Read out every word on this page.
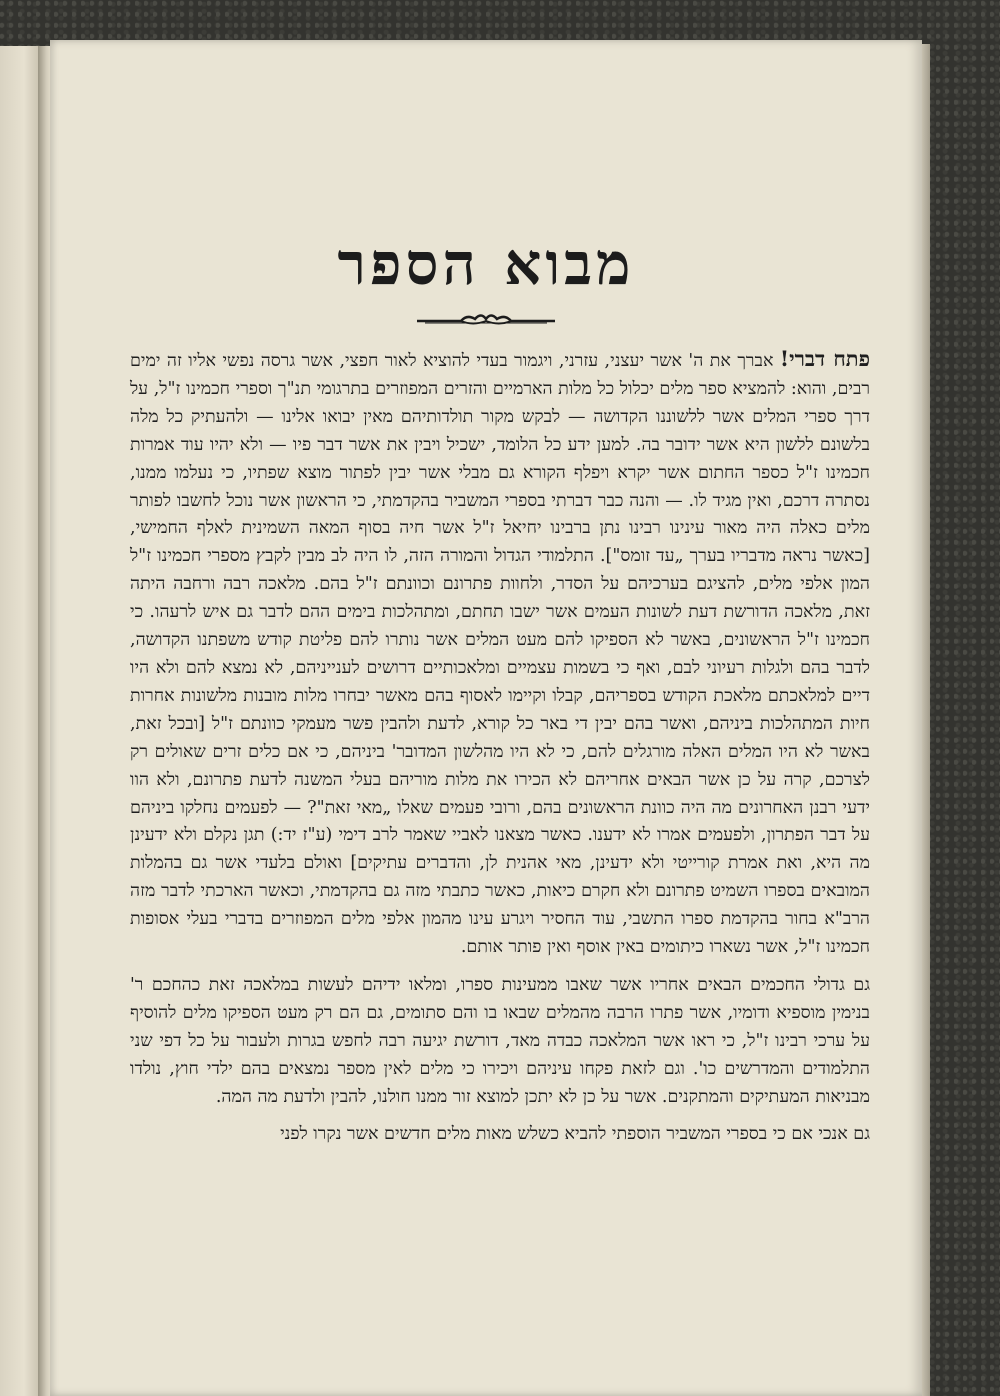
מבוא הספר

פתח דברי! אברך את ה' אשר יעצני, עזרני, ויגמור בעדי להוציא לאור חפצי, אשר גרסה נפשי אליו זה ימים רבים, והוא: להמציא ספר מלים יכלול כל מלות הארמיים והזרים המפוזרים בתרגומי תנ"ך וספרי חכמינו ז"ל, על דרך ספרי המלים אשר ללשוננו הקדושה — לבקש מקור תולדותיהם מאין יבואו אלינו — ולהעתיק כל מלה בלשונם ללשון היא אשר ידובר בה. למען ידע כל הלומד, ישכיל ויבין את אשר דבר פיו — ולא יהיו עוד אמרות חכמינו ז"ל כספר החתום אשר יקרא ויפלף הקורא גם מבלי אשר יבין לפתור מוצא שפתיו, כי נעלמו ממנו, נסתרה דרכם, ואין מגיד לו. — והנה כבר דברתי בספרי המשביר בהקדמתי, כי הראשון אשר נוכל לחשבו לפותר מלים כאלה היה מאור עינינו רבינו נתן ברבינו יחיאל ז"ל אשר חיה בסוף המאה השמינית לאלף החמישי, [כאשר נראה מדבריו בערך „עד זומס"]. התלמודי הגדול והמורה הזה, לו היה לב מבין לקבץ מספרי חכמינו ז"ל המון אלפי מלים, להציגם בערכיהם על הסדר, ולחוות פתרונם וכוונתם ז"ל בהם. מלאכה רבה ורחבה היתה זאת, מלאכה הדורשת דעת לשונות העמים אשר ישבו תחתם, ומתהלכות בימים ההם לדבר גם איש לרעהו. כי חכמינו ז"ל הראשונים, באשר לא הספיקו להם מעט המלים אשר נותרו להם פליטת קודש משפתנו הקדושה, לדבר בהם ולגלות רעיוני לבם, ואף כי בשמות עצמיים ומלאכותיים דרושים לענייניהם, לא נמצא להם ולא היו דיים למלאכתם מלאכת הקודש בספריהם, קבלו וקיימו לאסוף בהם מאשר יבחרו מלות מובנות מלשונות אחרות חיות המתהלכות ביניהם, ואשר בהם יבין די באר כל קורא, לדעת ולהבין פשר מעמקי כוונתם ז"ל [ובכל זאת, באשר לא היו המלים האלה מורגלים להם, כי לא היו מהלשון המדובר' ביניהם, כי אם כלים זרים שאולים רק לצרכם, קרה על כן אשר הבאים אחריהם לא הכירו את מלות מוריהם בעלי המשנה לדעת פתרונם, ולא הוו ידעי רבנן האחרונים מה היה כוונת הראשונים בהם, ורובי פעמים שאלו „מאי זאת"? — לפעמים נחלקו ביניהם על דבר הפתרון, ולפעמים אמרו לא ידענו. כאשר מצאנו לאביי שאמר לרב דימי (ע"ז יד:) תגן נקלם ולא ידעינן מה היא, ואת אמרת קורייטי ולא ידעינן, מאי אהנית לן, והדברים עתיקים] ואולם בלעדי אשר גם בהמלות המובאים בספרו השמיט פתרונם ולא חקרם כיאות, כאשר כתבתי מזה גם בהקדמתי, וכאשר הארכתי לדבר מזה הרב"א בחור בהקדמת ספרו התשבי, עוד החסיר ויגרע עינו מהמון אלפי מלים המפוזרים בדברי בעלי אסופות חכמינו ז"ל, אשר נשארו כיתומים באין אוסף ואין פותר אותם.

גם גדולי החכמים הבאים אחריו אשר שאבו ממעינות ספרו, ומלאו ידיהם לעשות במלאכה זאת כהחכם ר' בנימין מוספיא ודומיו, אשר פתרו הרבה מהמלים שבאו בו והם סתומים, גם הם רק מעט הספיקו מלים להוסיף על ערכי רבינו ז"ל, כי ראו אשר המלאכה כבדה מאד, דורשת יגיעה רבה לחפש בגרות ולעבור על כל דפי שני התלמודים והמדרשים כו'. וגם לזאת פקחו עיניהם ויכירו כי מלים לאין מספר נמצאים בהם ילדי חוץ, נולדו מבניאות המעתיקים והמתקנים. אשר על כן לא יתכן למוצא זור ממנו חולנו, להבין ולדעת מה המה.

גם אנכי אם כי בספרי המשביר הוספתי להביא כשלש מאות מלים חדשים אשר נקרו לפני
